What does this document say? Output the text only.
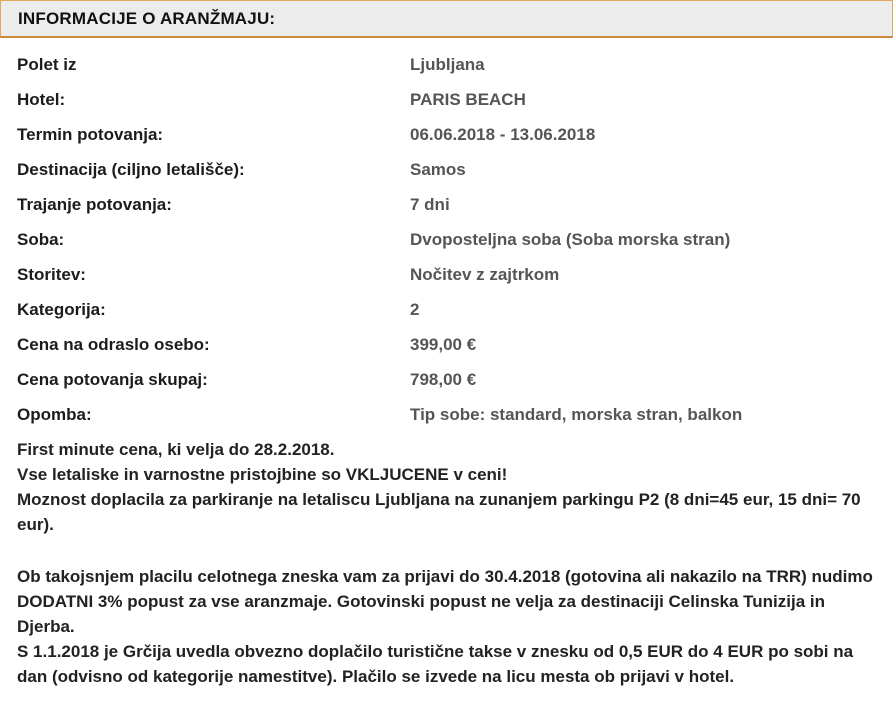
INFORMACIJE O ARANŽMAJU:
Polet iz	Ljubljana
Hotel:	PARIS BEACH
Termin potovanja:	06.06.2018 - 13.06.2018
Destinacija (ciljno letališče):	Samos
Trajanje potovanja:	7 dni
Soba:	Dvoposteljna soba (Soba morska stran)
Storitev:	Nočitev z zajtrkom
Kategorija:	2
Cena na odraslo osebo:	399,00 €
Cena potovanja skupaj:	798,00 €
Opomba:	Tip sobe: standard, morska stran, balkon
First minute cena, ki velja do 28.2.2018.
Vse letaliske in varnostne pristojbine so VKLJUCENE v ceni!
Moznost doplacila za parkiranje na letaliscu Ljubljana na zunanjem parkingu P2 (8 dni=45 eur, 15 dni= 70 eur).
Ob takojsnjem placilu celotnega zneska vam za prijavi do 30.4.2018 (gotovina ali nakazilo na TRR) nudimo DODATNI 3% popust za vse aranzmaje. Gotovinski popust ne velja za destinaciji Celinska Tunizija in Djerba.
S 1.1.2018 je Grčija uvedla obvezno doplačilo turistične takse v znesku od 0,5 EUR do 4 EUR po sobi na dan (odvisno od kategorije namestitve). Plačilo se izvede na licu mesta ob prijavi v hotel.
